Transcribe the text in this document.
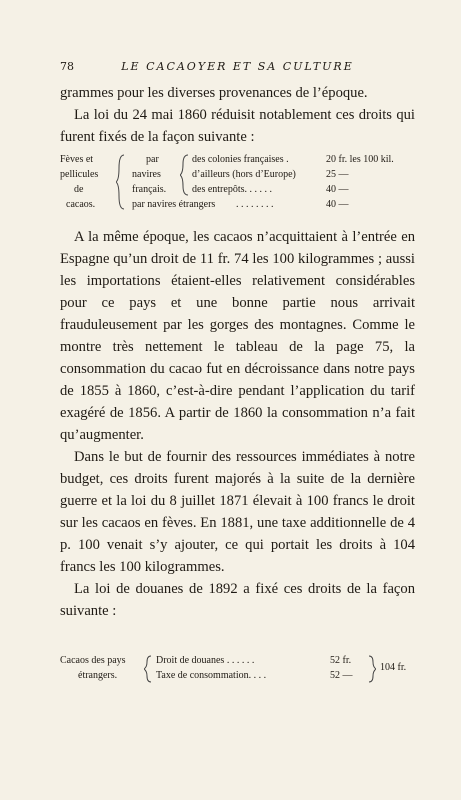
78	LE CACAOYER ET SA CULTURE
grammes pour les diverses provenances de l’époque.

La loi du 24 mai 1860 réduisit notablement ces droits qui furent fixés de la façon suivante :

Fèves et
pellicules
de
cacaos.
par
navires
français.
par navires étrangers
des colonies françaises .
d’ailleurs (hors d’Europe)
des entrepôts. . . . . .
. . . . . . . .
20 fr. les 100 kil.
25 —
40 —
40 —

A la même époque, les cacaos n’acquittaient à l’entrée en Espagne qu’un droit de 11 fr. 74 les 100 kilogrammes ; aussi les importations étaient-elles relativement considérables pour ce pays et une bonne partie nous arrivait frauduleusement par les gorges des montagnes. Comme le montre très nettement le tableau de la page 75, la consommation du cacao fut en décroissance dans notre pays de 1855 à 1860, c’est-à-dire pendant l’application du tarif exagéré de 1856. A partir de 1860 la consommation n’a fait qu’augmenter.

Dans le but de fournir des ressources immédiates à notre budget, ces droits furent majorés à la suite de la dernière guerre et la loi du 8 juillet 1871 élevait à 100 francs le droit sur les cacaos en fèves. En 1881, une taxe additionnelle de 4 p. 100 venait s’y ajouter, ce qui portait les droits à 104 francs les 100 kilogrammes.

La loi de douanes de 1892 a fixé ces droits de la façon suivante :

Cacaos des pays
étrangers.
Droit de douanes . . . . . .
Taxe de consommation. . . .
52 fr.
52 —
104 fr.
